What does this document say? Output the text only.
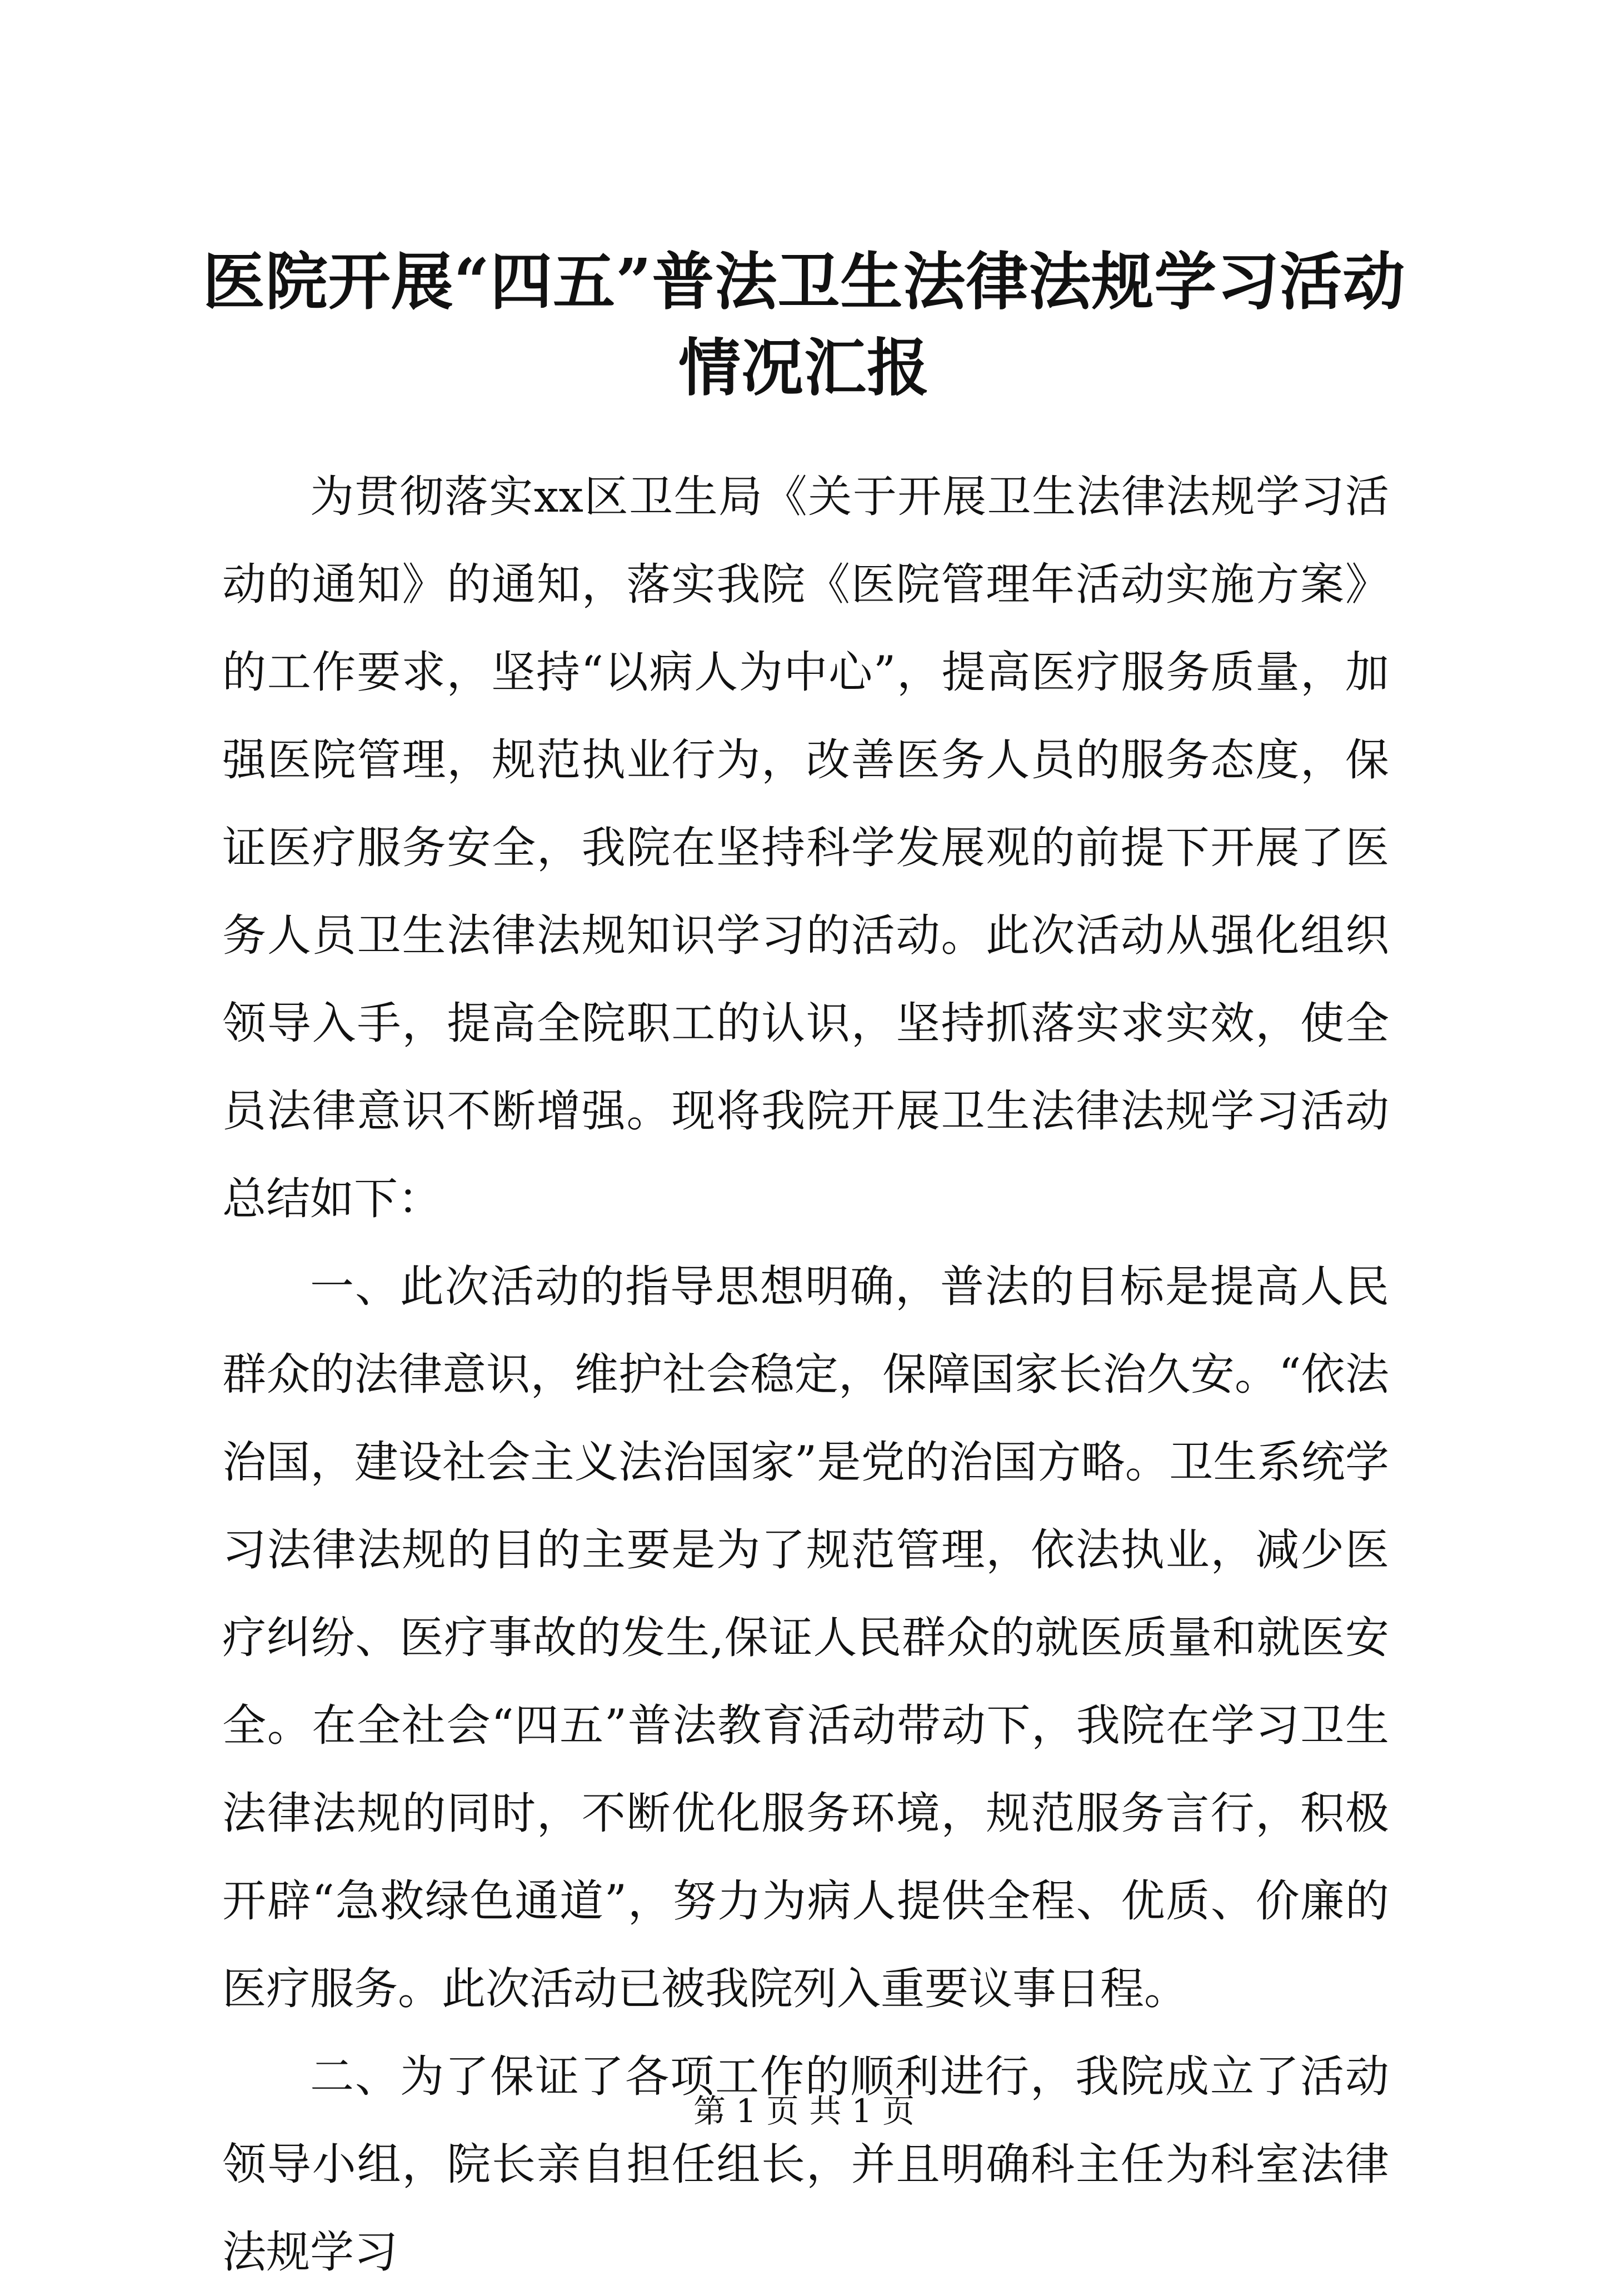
医院开展“四五”普法卫生法律法规学习活动情况汇报

为贯彻落实xx区卫生局《关于开展卫生法律法规学习活动的通知》的通知，落实我院《医院管理年活动实施方案》的工作要求，坚持“以病人为中心”，提高医疗服务质量，加强医院管理，规范执业行为，改善医务人员的服务态度，保证医疗服务安全，我院在坚持科学发展观的前提下开展了医务人员卫生法律法规知识学习的活动。此次活动从强化组织领导入手，提高全院职工的认识，坚持抓落实求实效，使全员法律意识不断增强。现将我院开展卫生法律法规学习活动总结如下：

一、此次活动的指导思想明确，普法的目标是提高人民群众的法律意识，维护社会稳定，保障国家长治久安。“依法治国，建设社会主义法治国家”是党的治国方略。卫生系统学习法律法规的目的主要是为了规范管理，依法执业，减少医疗纠纷、医疗事故的发生,保证人民群众的就医质量和就医安全。在全社会“四五”普法教育活动带动下，我院在学习卫生法律法规的同时，不断优化服务环境，规范服务言行，积极开辟“急救绿色通道”，努力为病人提供全程、优质、价廉的医疗服务。此次活动已被我院列入重要议事日程。

二、为了保证了各项工作的顺利进行，我院成立了活动领导小组，院长亲自担任组长，并且明确科主任为科室法律法规学习

第 1 页 共 1 页
